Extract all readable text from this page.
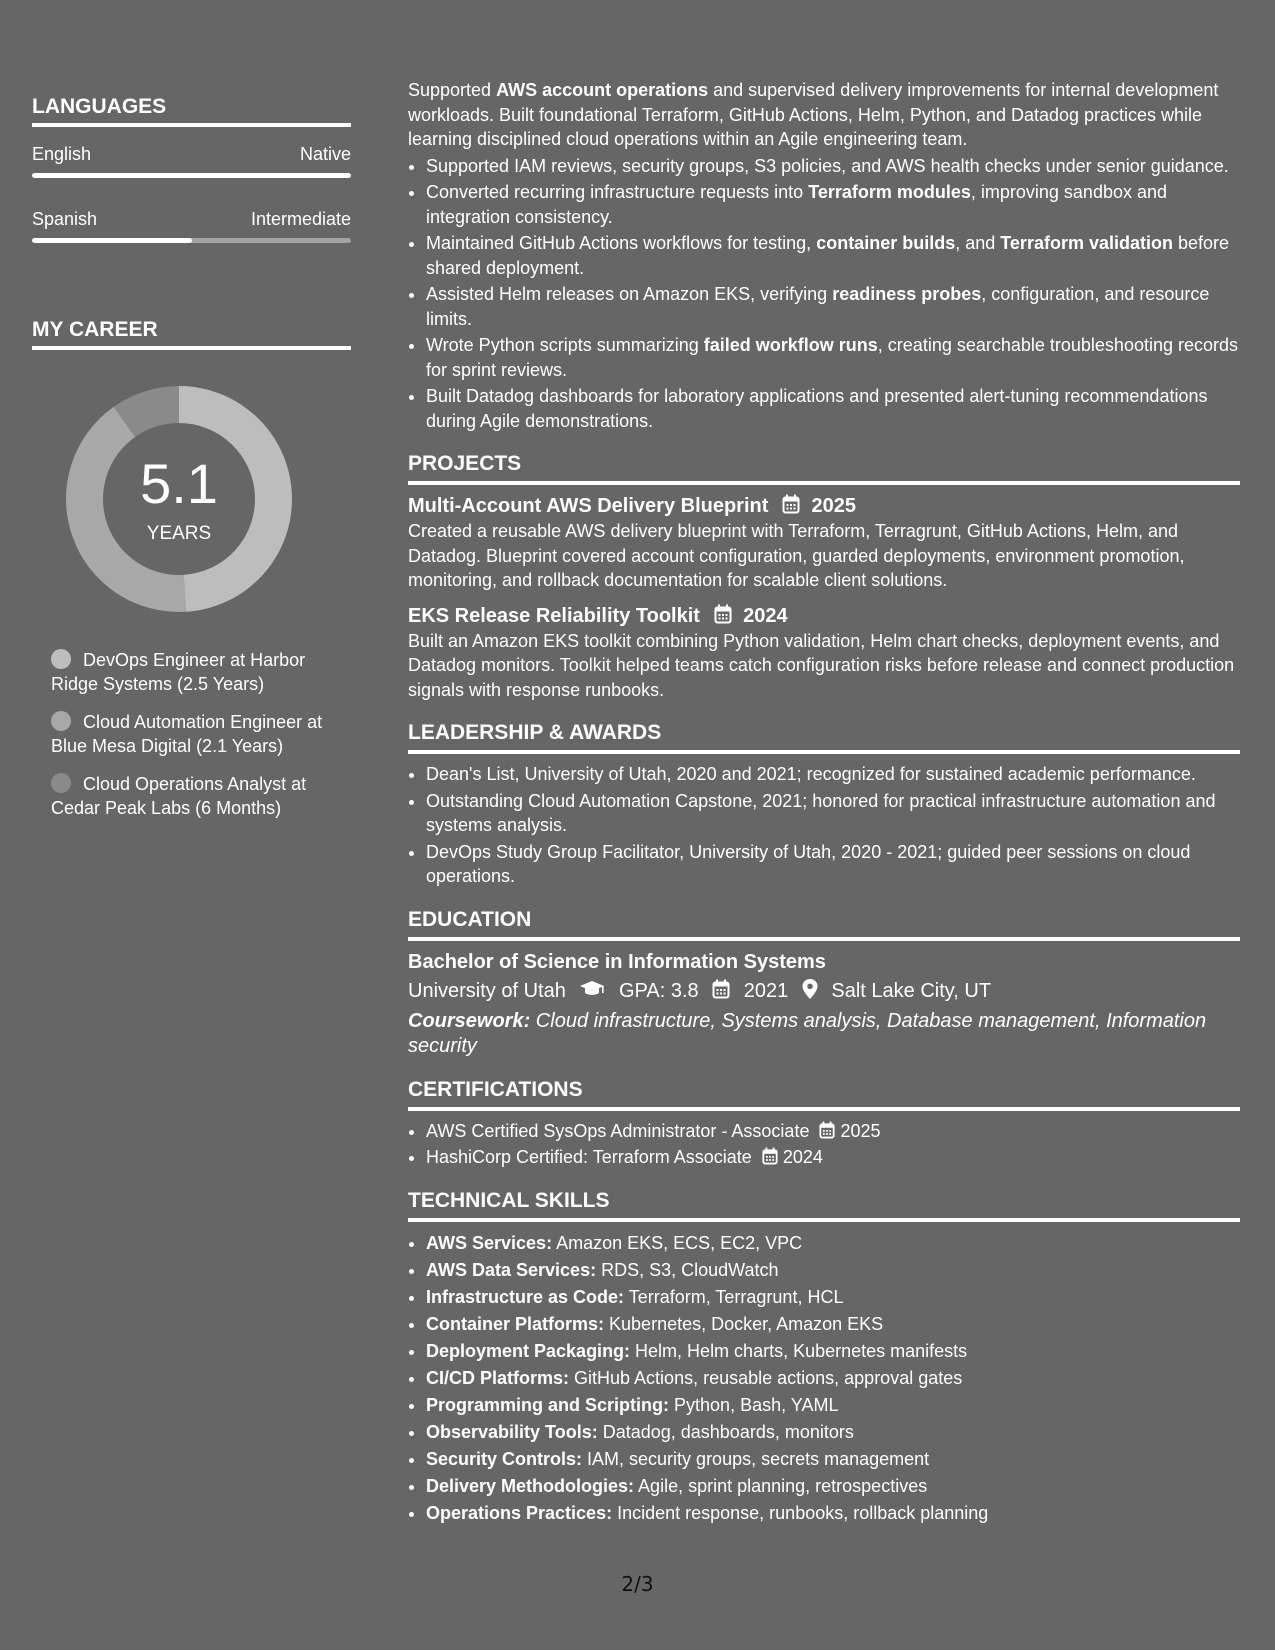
LANGUAGES
English	Native
Spanish	Intermediate
MY CAREER
5.1
YEARS
DevOps Engineer at Harbor Ridge Systems (2.5 Years)
Cloud Automation Engineer at Blue Mesa Digital (2.1 Years)
Cloud Operations Analyst at Cedar Peak Labs (6 Months)

Supported AWS account operations and supervised delivery improvements for internal development workloads. Built foundational Terraform, GitHub Actions, Helm, Python, and Datadog practices while learning disciplined cloud operations within an Agile engineering team.

• Supported IAM reviews, security groups, S3 policies, and AWS health checks under senior guidance.
• Converted recurring infrastructure requests into Terraform modules, improving sandbox and integration consistency.
• Maintained GitHub Actions workflows for testing, container builds, and Terraform validation before shared deployment.
• Assisted Helm releases on Amazon EKS, verifying readiness probes, configuration, and resource limits.
• Wrote Python scripts summarizing failed workflow runs, creating searchable troubleshooting records for sprint reviews.
• Built Datadog dashboards for laboratory applications and presented alert-tuning recommendations during Agile demonstrations.
PROJECTS
Multi-Account AWS Delivery Blueprint 2025

Created a reusable AWS delivery blueprint with Terraform, Terragrunt, GitHub Actions, Helm, and Datadog. Blueprint covered account configuration, guarded deployments, environment promotion, monitoring, and rollback documentation for scalable client solutions.

EKS Release Reliability Toolkit 2024

Built an Amazon EKS toolkit combining Python validation, Helm chart checks, deployment events, and Datadog monitors. Toolkit helped teams catch configuration risks before release and connect production signals with response runbooks.

LEADERSHIP & AWARDS
• Dean's List, University of Utah, 2020 and 2021; recognized for sustained academic performance.
• Outstanding Cloud Automation Capstone, 2021; honored for practical infrastructure automation and systems analysis.
• DevOps Study Group Facilitator, University of Utah, 2020 - 2021; guided peer sessions on cloud operations.
EDUCATION
Bachelor of Science in Information Systems
University of Utah	GPA: 3.8 2021 Salt Lake City, UT
Coursework: Cloud infrastructure, Systems analysis, Database management, Information security
CERTIFICATIONS
• AWS Certified SysOps Administrator - Associate 2025
• HashiCorp Certified: Terraform Associate 2024
TECHNICAL SKILLS
• AWS Services: Amazon EKS, ECS, EC2, VPC
• AWS Data Services: RDS, S3, CloudWatch
• Infrastructure as Code: Terraform, Terragrunt, HCL
• Container Platforms: Kubernetes, Docker, Amazon EKS
• Deployment Packaging: Helm, Helm charts, Kubernetes manifests
• CI/CD Platforms: GitHub Actions, reusable actions, approval gates
• Programming and Scripting: Python, Bash, YAML
• Observability Tools: Datadog, dashboards, monitors
• Security Controls: IAM, security groups, secrets management
• Delivery Methodologies: Agile, sprint planning, retrospectives
• Operations Practices: Incident response, runbooks, rollback planning
2/3
